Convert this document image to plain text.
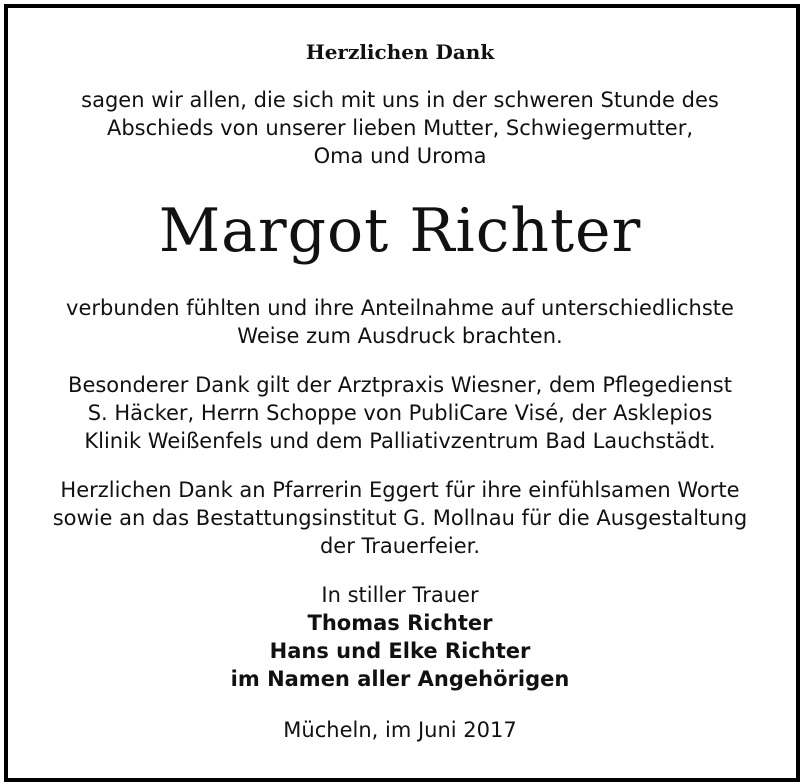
Herzlichen Dank
sagen wir allen, die sich mit uns in der schweren Stunde des
Abschieds von unserer lieben Mutter, Schwiegermutter,
Oma und Uroma
Margot Richter
verbunden fühlten und ihre Anteilnahme auf unterschiedlichste
Weise zum Ausdruck brachten.
Besonderer Dank gilt der Arztpraxis Wiesner, dem Pflegedienst
S. Häcker, Herrn Schoppe von PubliCare Visé, der Asklepios
Klinik Weißenfels und dem Palliativzentrum Bad Lauchstädt.
Herzlichen Dank an Pfarrerin Eggert für ihre einfühlsamen Worte
sowie an das Bestattungsinstitut G. Mollnau für die Ausgestaltung
der Trauerfeier.
In stiller Trauer
Thomas Richter
Hans und Elke Richter
im Namen aller Angehörigen
Mücheln, im Juni 2017
